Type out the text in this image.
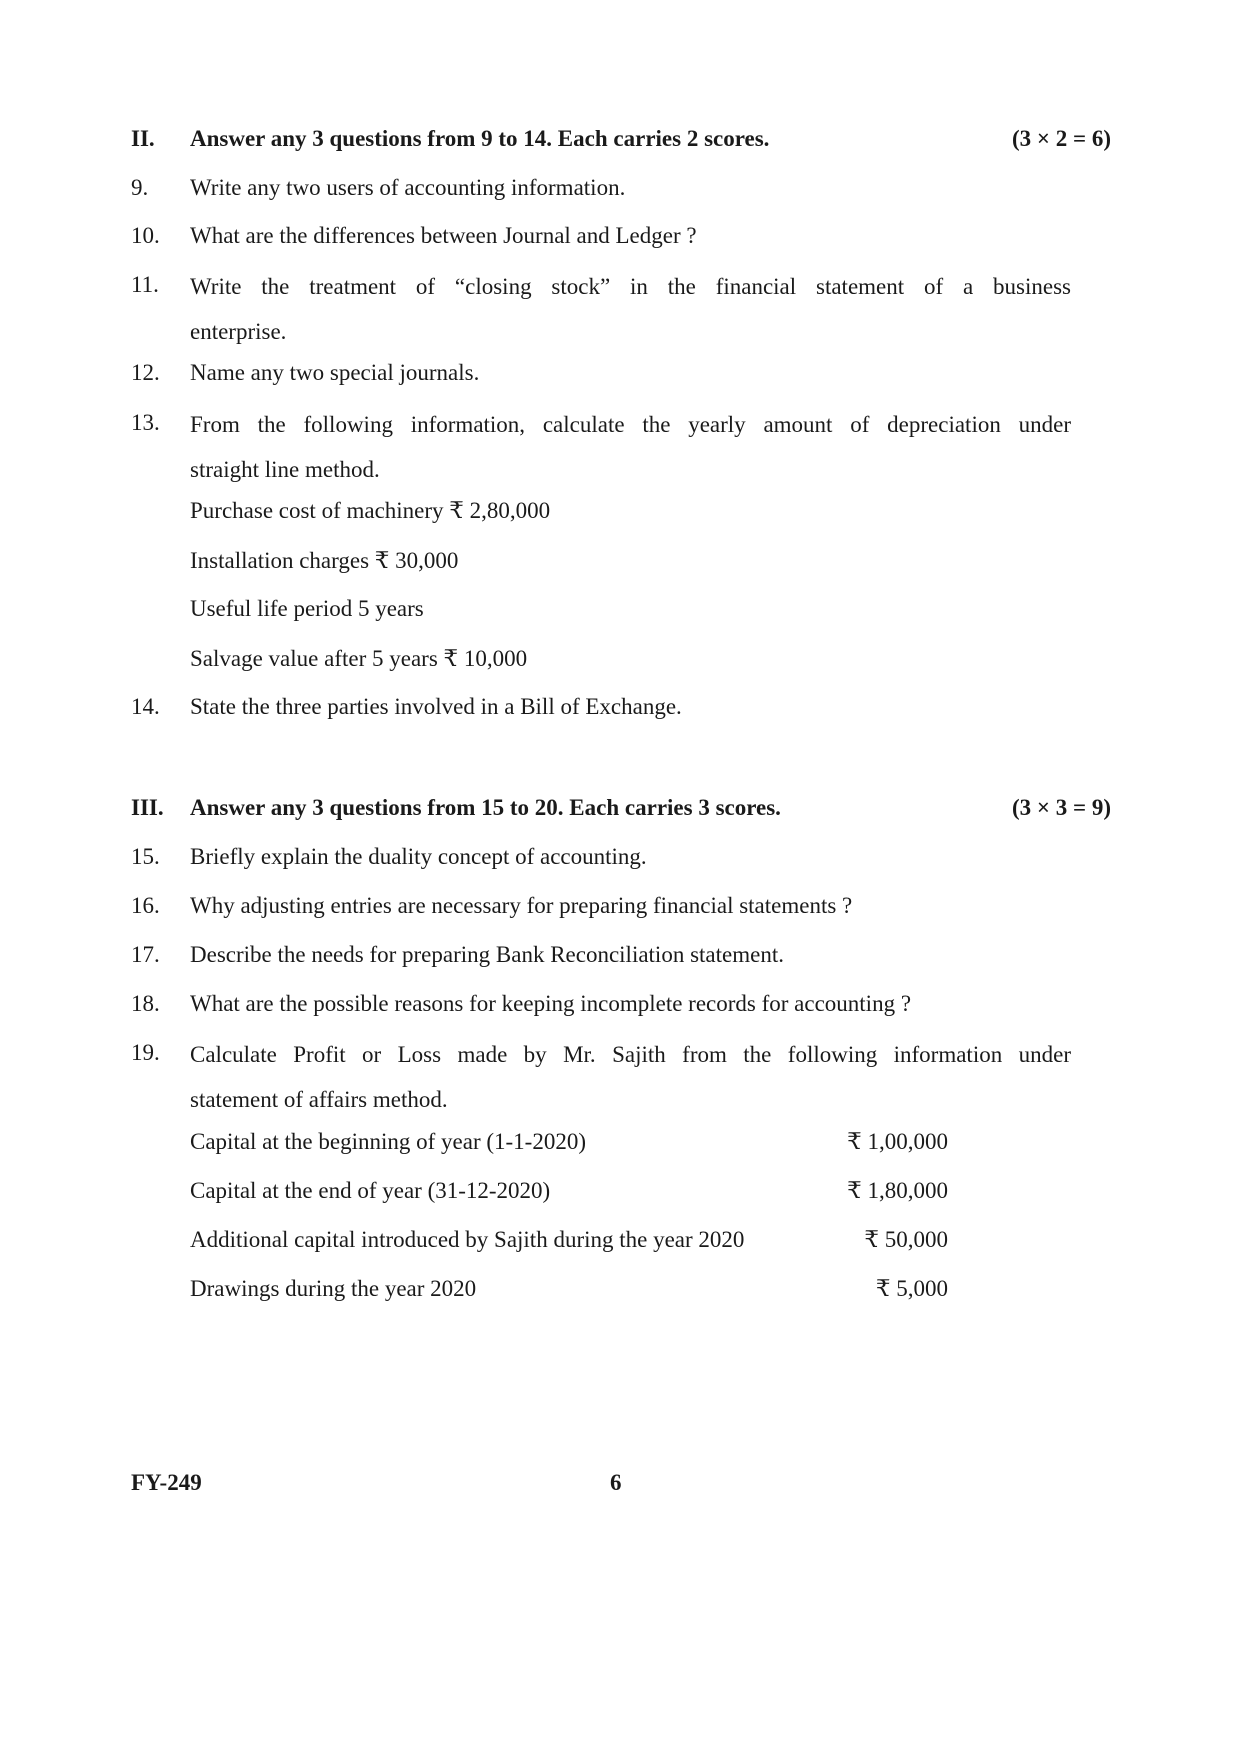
II. Answer any 3 questions from 9 to 14. Each carries 2 scores.	(3 × 2 = 6)
9. Write any two users of accounting information.
10. What are the differences between Journal and Ledger ?
11. Write the treatment of “closing stock” in the financial statement of a business
enterprise.
12. Name any two special journals.
13. From the following information, calculate the yearly amount of depreciation under
straight line method.
Purchase cost of machinery ₹ 2,80,000
Installation charges ₹ 30,000
Useful life period 5 years
Salvage value after 5 years ₹ 10,000
14. State the three parties involved in a Bill of Exchange.
III. Answer any 3 questions from 15 to 20. Each carries 3 scores.	(3 × 3 = 9)
15. Briefly explain the duality concept of accounting.
16. Why adjusting entries are necessary for preparing financial statements ?
17. Describe the needs for preparing Bank Reconciliation statement.
18. What are the possible reasons for keeping incomplete records for accounting ?
19. Calculate Profit or Loss made by Mr. Sajith from the following information under
statement of affairs method.
Capital at the beginning of year (1-1-2020)	₹ 1,00,000
Capital at the end of year (31-12-2020)	₹ 1,80,000
Additional capital introduced by Sajith during the year 2020	₹ 50,000
Drawings during the year 2020	₹ 5,000
FY-249	6
